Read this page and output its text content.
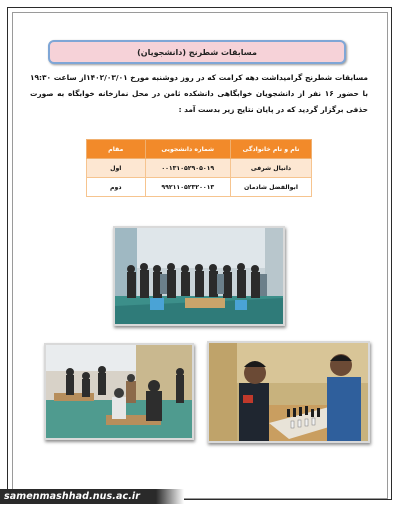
مسابقات شطرنج (دانشجویان)
مسابقات شطرنج گرامیداشت دهه کرامت که در روز دوشنبه مورخ ۱۴۰۲/۰۳/۰۱از ساعت ۱۹:۳۰ با حضور ۱۶ نفر از دانشجویان خوابگاهی دانشکده ثامن در محل نمازخانه خوابگاه به صورت حذفی برگزار گردید که در پایان نتایج زیر بدست آمد :
نام و نام خانوادگی	شماره دانشجویی	مقام
دانیال شرفی	۰۰۱۳۱۰۵۲۹۰۵۰۱۹	اول
ابوالفضل شادمان	۹۹۲۱۱۰۵۲۳۲۰۰۱۳	دوم
samenmashhad.nus.ac.ir
